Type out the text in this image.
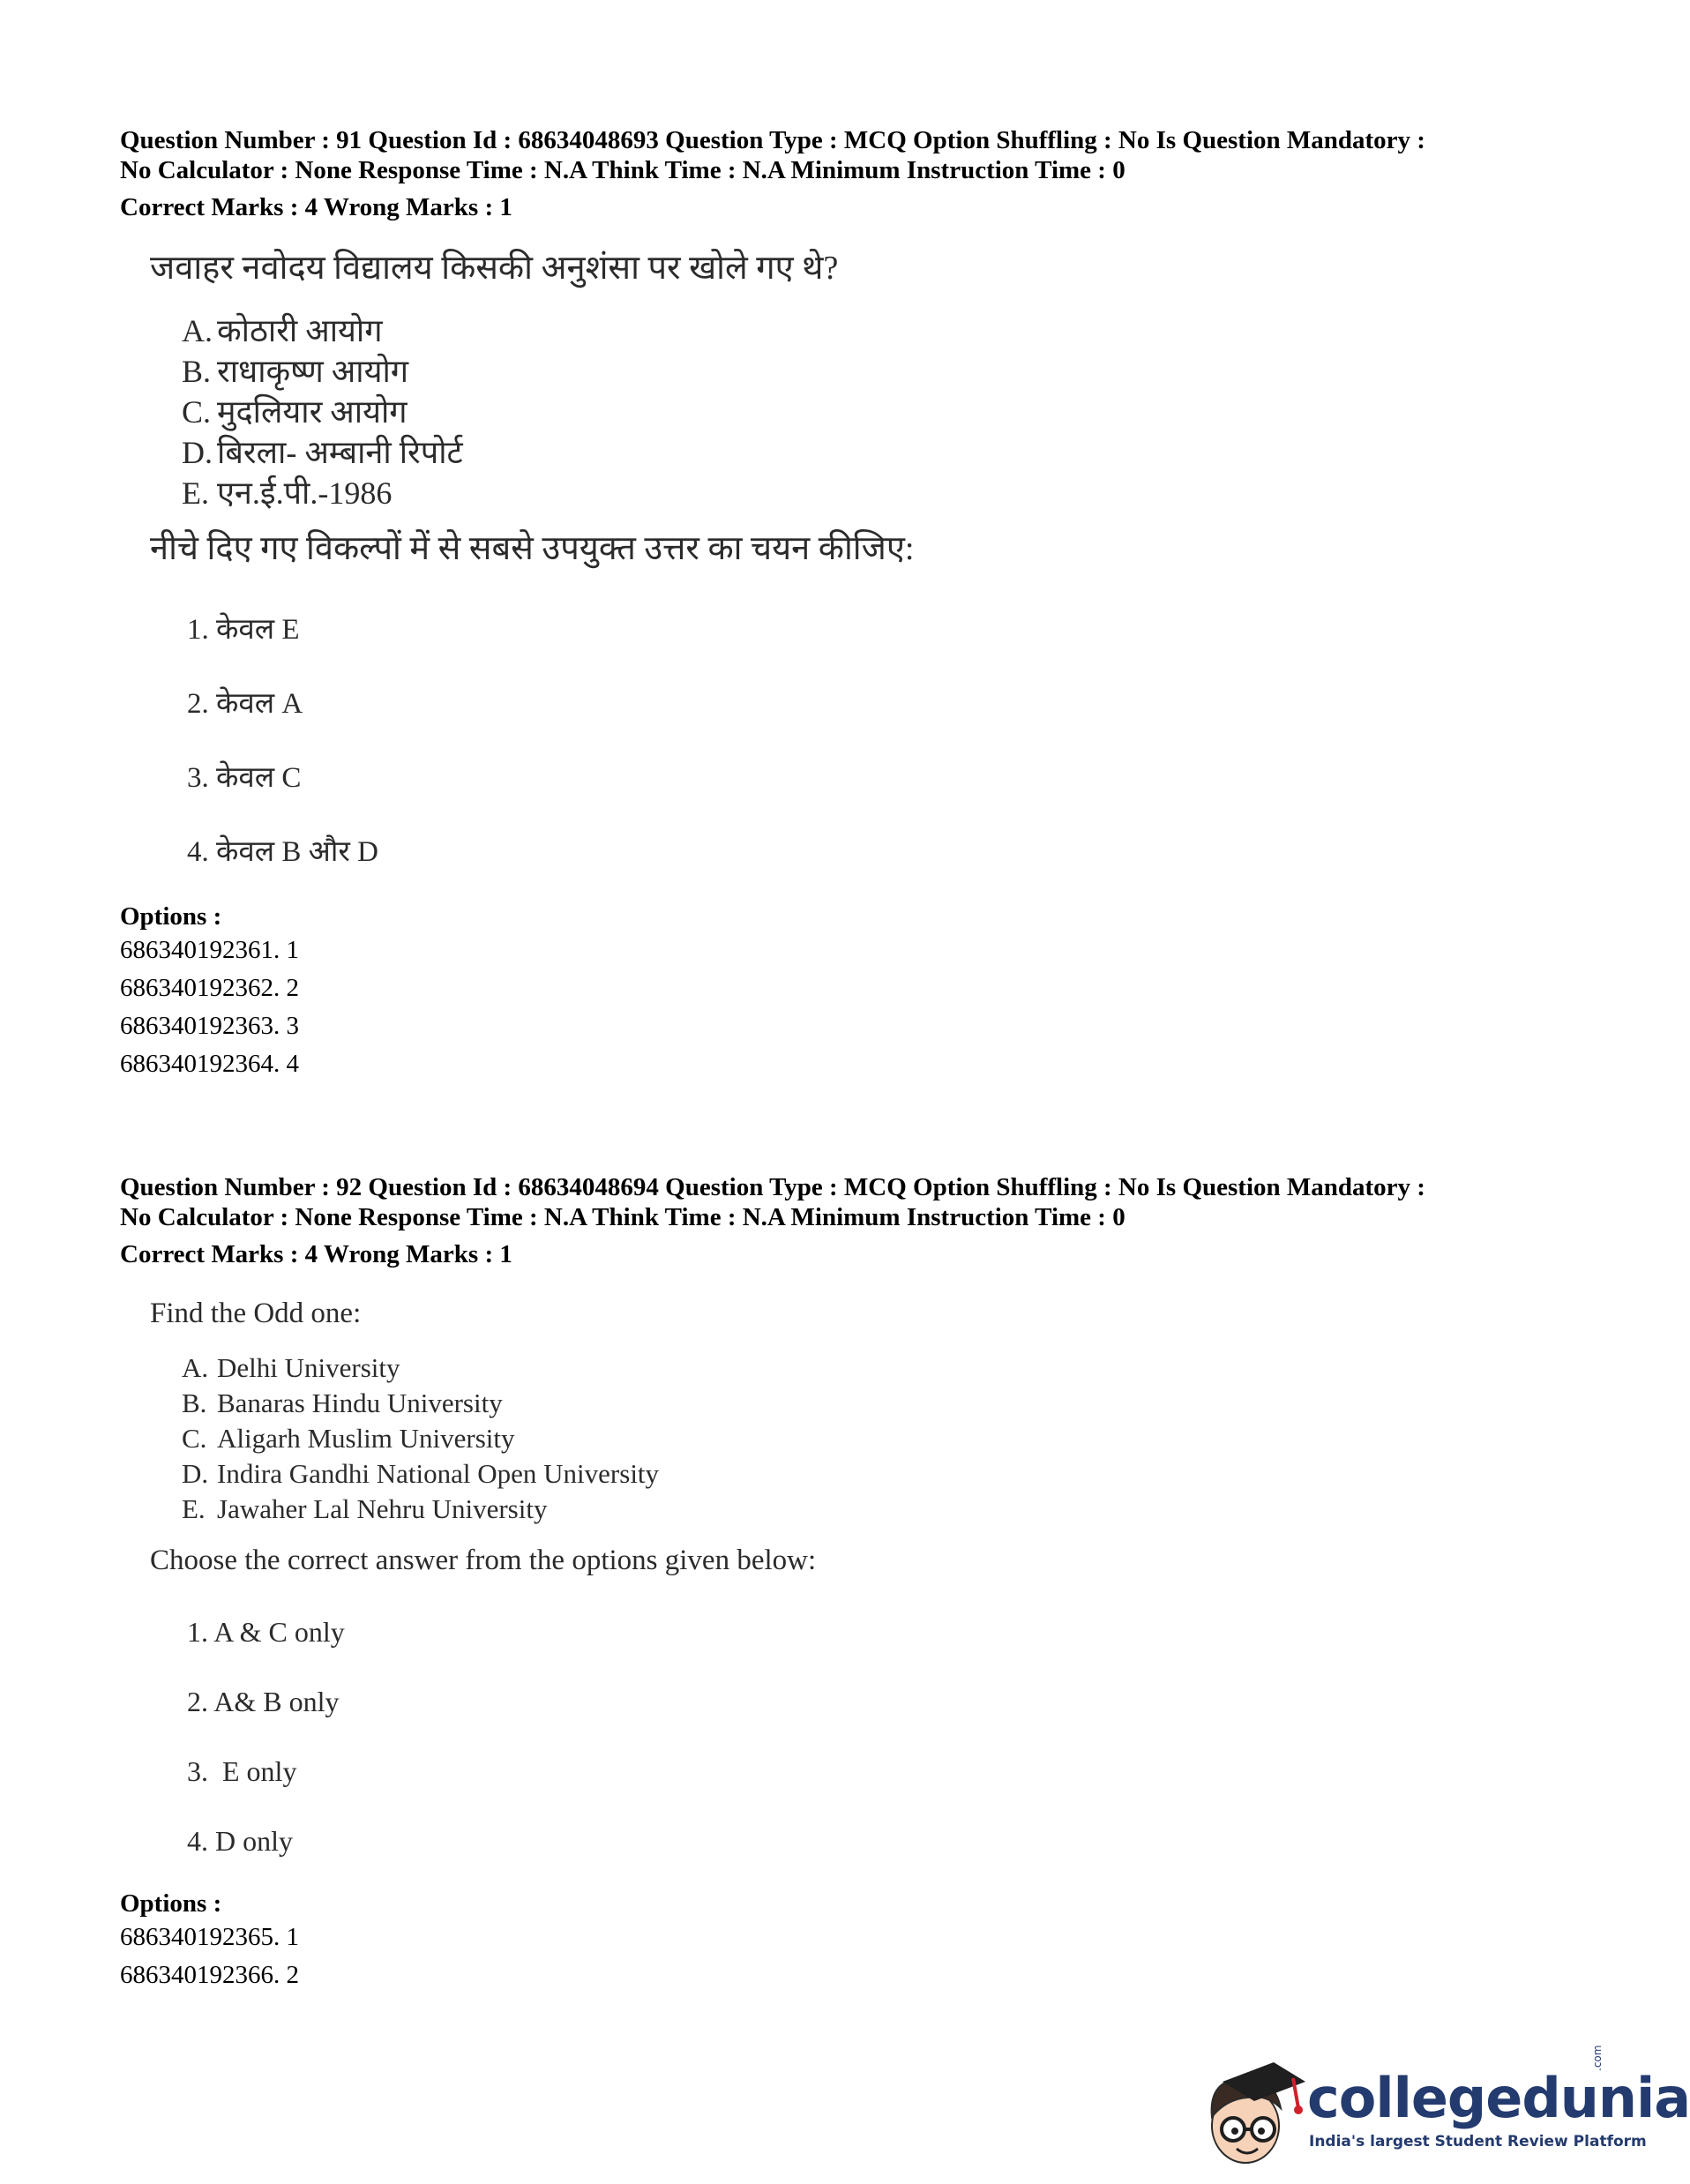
Question Number : 91 Question Id : 68634048693 Question Type : MCQ Option Shuffling : No Is Question Mandatory :
No Calculator : None Response Time : N.A Think Time : N.A Minimum Instruction Time : 0
Correct Marks : 4 Wrong Marks : 1
जवाहर नवोदय विद्यालय किसकी अनुशंसा पर खोले गए थे?
A. कोठारी आयोग
B. राधाकृष्ण आयोग
C. मुदलियार आयोग
D. बिरला- अम्बानी रिपोर्ट
E. एन.ई.पी.-1986
नीचे दिए गए विकल्पों में से सबसे उपयुक्त उत्तर का चयन कीजिए:
1. केवल E
2. केवल A
3. केवल C
4. केवल B और D
Options :
686340192361. 1
686340192362. 2
686340192363. 3
686340192364. 4
Question Number : 92 Question Id : 68634048694 Question Type : MCQ Option Shuffling : No Is Question Mandatory :
No Calculator : None Response Time : N.A Think Time : N.A Minimum Instruction Time : 0
Correct Marks : 4 Wrong Marks : 1
Find the Odd one:
A. Delhi University
B. Banaras Hindu University
C. Aligarh Muslim University
D. Indira Gandhi National Open University
E. Jawaher Lal Nehru University
Choose the correct answer from the options given below:
1. A & C only
2. A& B only
3.  E only
4. D only
Options :
686340192365. 1
686340192366. 2
collegedunia
.com
India's largest Student Review Platform
